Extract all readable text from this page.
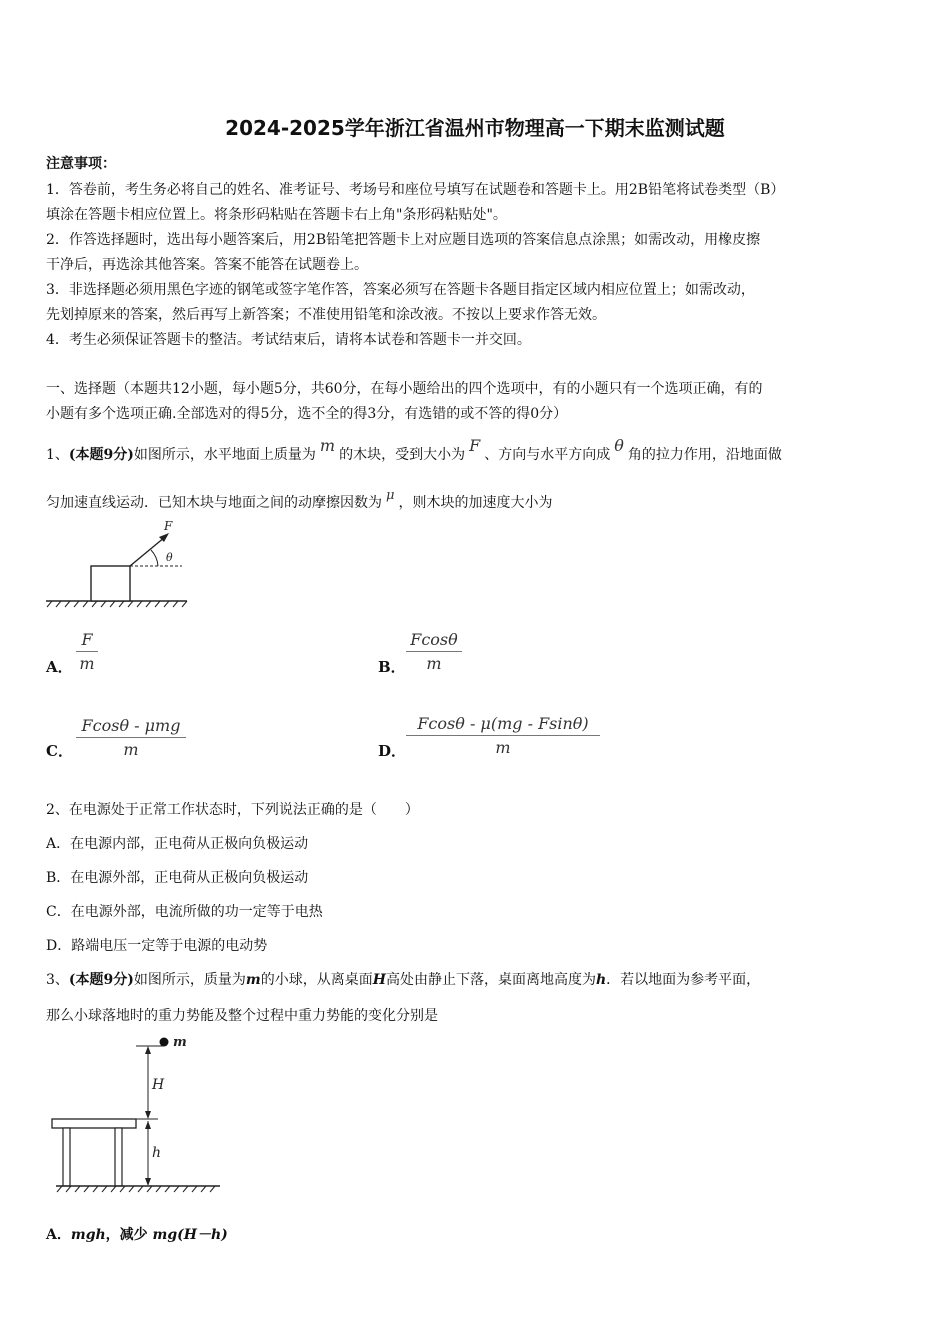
2024-2025学年浙江省温州市物理高一下期末监测试题
注意事项：
1．答卷前，考生务必将自己的姓名、准考证号、考场号和座位号填写在试题卷和答题卡上。用2B铅笔将试卷类型（B）
填涂在答题卡相应位置上。将条形码粘贴在答题卡右上角"条形码粘贴处"。
2．作答选择题时，选出每小题答案后，用2B铅笔把答题卡上对应题目选项的答案信息点涂黑；如需改动，用橡皮擦
干净后，再选涂其他答案。答案不能答在试题卷上。
3．非选择题必须用黑色字迹的钢笔或签字笔作答，答案必须写在答题卡各题目指定区域内相应位置上；如需改动，
先划掉原来的答案，然后再写上新答案；不准使用铅笔和涂改液。不按以上要求作答无效。
4．考生必须保证答题卡的整洁。考试结束后，请将本试卷和答题卡一并交回。
一、选择题（本题共12小题，每小题5分，共60分，在每小题给出的四个选项中，有的小题只有一个选项正确，有的
小题有多个选项正确.全部选对的得5分，选不全的得3分，有选错的或不答的得0分）
1、(本题9分)如图所示，水平地面上质量为 m 的木块，受到大小为 F 、方向与水平方向成 θ 角的拉力作用，沿地面做
匀加速直线运动．已知木块与地面之间的动摩擦因数为 μ ，则木块的加速度大小为
F
θ
A． $\frac{F}{m}$	B． $\frac{Fcos\theta}{m}$
C．
Fcosθ - μmg
m	D． $\frac{Fcos\theta - \mu(mg - Fsin\theta)}{m}$
2、在电源处于正常工作状态时，下列说法正确的是（　　）
A．在电源内部，正电荷从正极向负极运动
B．在电源外部，正电荷从正极向负极运动
C．在电源外部，电流所做的功一定等于电热
D．路端电压一定等于电源的电动势
3、(本题9分)如图所示，质量为m的小球，从离桌面H高处由静止下落，桌面离地高度为h．若以地面为参考平面，
那么小球落地时的重力势能及整个过程中重力势能的变化分别是
m
H
h
A．mgh，减少 mg(H－h)
